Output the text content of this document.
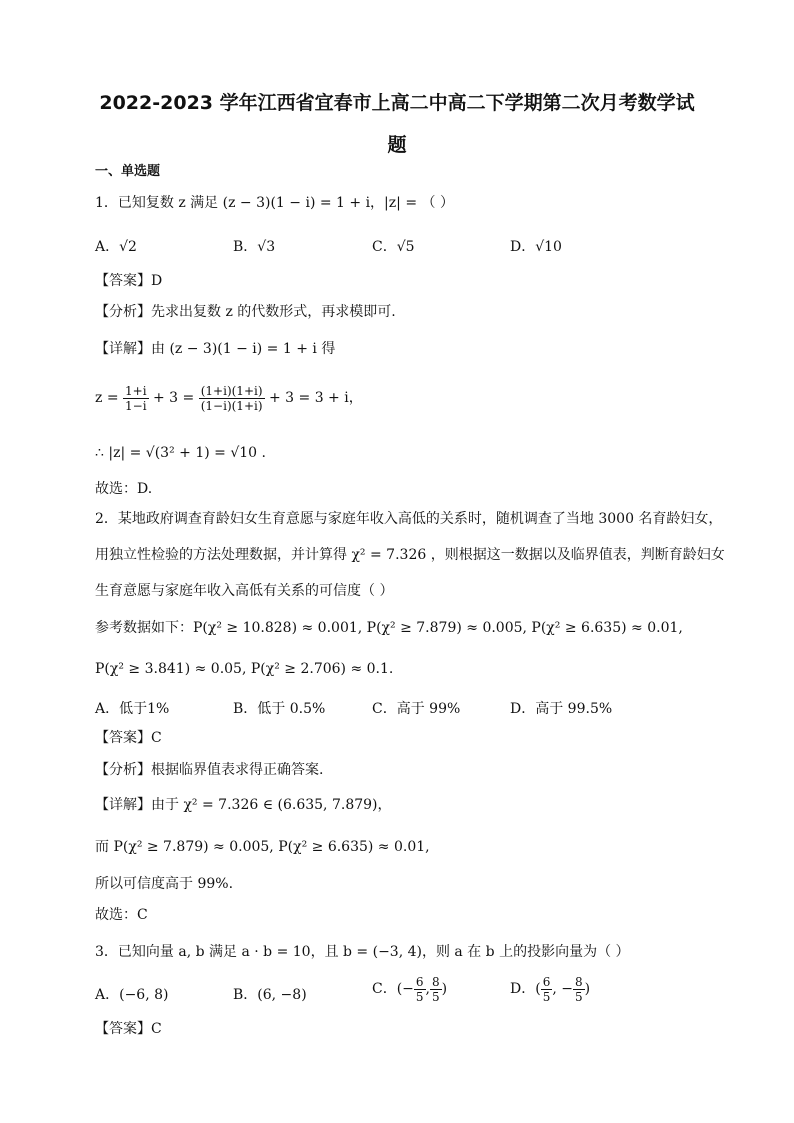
2022-2023 学年江西省宜春市上高二中高二下学期第二次月考数学试
题
一、单选题
1．已知复数 z 满足 (z − 3)(1 − i) = 1 + i，|z| = （ ）
A．√2	B．√3	C．√5	D．√10
【答案】D
【分析】先求出复数 z 的代数形式，再求模即可.
【详解】由 (z − 3)(1 − i) = 1 + i 得
$z = \frac{1+i}{1-i} + 3 = \frac{(1+i)(1+i)}{(1-i)(1+i)} + 3 = 3 + i$，
∴ |z| = √(3² + 1) = √10 .
故选：D.
2．某地政府调查育龄妇女生育意愿与家庭年收入高低的关系时，随机调查了当地 3000 名育龄妇女，
用独立性检验的方法处理数据，并计算得 χ² = 7.326 ，则根据这一数据以及临界值表，判断育龄妇女
生育意愿与家庭年收入高低有关系的可信度（ ）
参考数据如下：P(χ² ≥ 10.828) ≈ 0.001, P(χ² ≥ 7.879) ≈ 0.005, P(χ² ≥ 6.635) ≈ 0.01,
P(χ² ≥ 3.841) ≈ 0.05, P(χ² ≥ 2.706) ≈ 0.1.
A．低于1%	B．低于 0.5%	C．高于 99%	D．高于 99.5%
【答案】C
【分析】根据临界值表求得正确答案.
【详解】由于 χ² = 7.326 ∈ (6.635, 7.879)，
而 P(χ² ≥ 7.879) ≈ 0.005, P(χ² ≥ 6.635) ≈ 0.01,
所以可信度高于 99%.
故选：C
3．已知向量 a, b 满足 a · b = 10，且 b = (−3, 4)，则 a 在 b 上的投影向量为（ ）
A．(−6, 8)	B．(6, −8)	C．(− $\frac{6}{5}$ , $\frac{8}{5}$ )	D．( $\frac{6}{5}$ , − $\frac{8}{5}$ )
【答案】C
